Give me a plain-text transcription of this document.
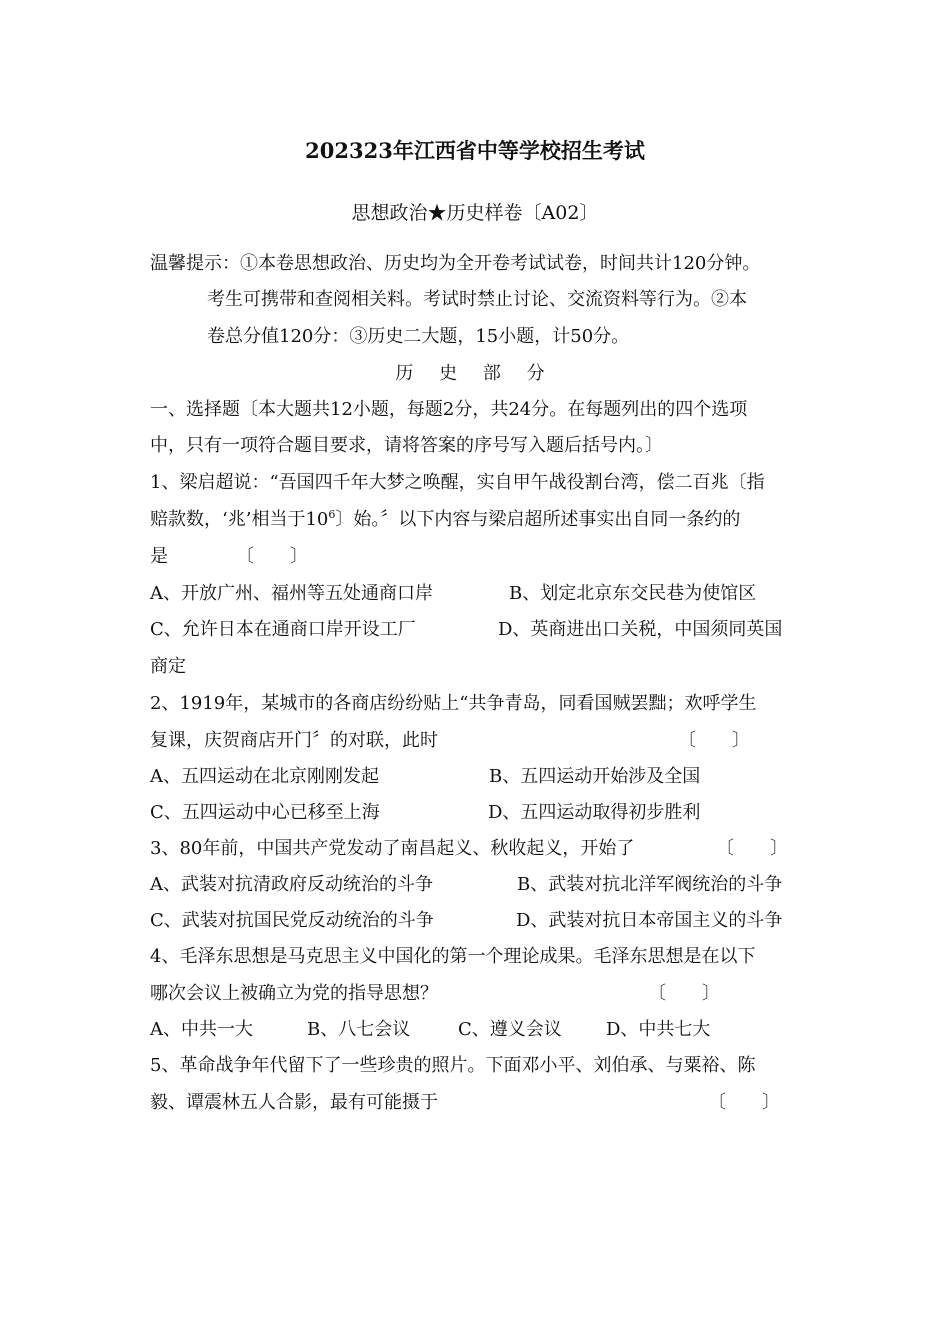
202323年江西省中等学校招生考试
思想政治★历史样卷〔A02〕
温馨提示：①本卷思想政治、历史均为全开卷考试试卷，时间共计120分钟。
考生可携带和查阅相关料。考试时禁止讨论、交流资料等行为。②本
卷总分值120分：③历史二大题，15小题，计50分。
历 史 部 分
一、选择题〔本大题共12小题，每题2分，共24分。在每题列出的四个选项
中，只有一项符合题目要求，请将答案的序号写入题后括号内。〕
1、梁启超说：“吾国四千年大梦之唤醒，实自甲午战役割台湾，偿二百兆〔指
赔款数，‘兆’相当于$10^6$〕始。〞以下内容与梁启超所述事实出自同一条约的
是	〔　　〕
A、开放广州、福州等五处通商口岸	B、划定北京东交民巷为使馆区
C、允许日本在通商口岸开设工厂	D、英商进出口关税，中国须同英国
商定
2、1919年，某城市的各商店纷纷贴上“共争青岛，同看国贼罢黜；欢呼学生
复课，庆贺商店开门〞的对联，此时	〔　　〕
A、五四运动在北京刚刚发起	B、五四运动开始涉及全国
C、五四运动中心已移至上海	D、五四运动取得初步胜利
3、80年前，中国共产党发动了南昌起义、秋收起义，开始了	〔　　〕
A、武装对抗清政府反动统治的斗争	B、武装对抗北洋军阀统治的斗争
C、武装对抗国民党反动统治的斗争	D、武装对抗日本帝国主义的斗争
4、毛泽东思想是马克思主义中国化的第一个理论成果。毛泽东思想是在以下
哪次会议上被确立为党的指导思想？	〔　　〕
A、中共一大	B、八七会议	C、遵义会议 D、中共七大
5、革命战争年代留下了一些珍贵的照片。下面邓小平、刘伯承、与粟裕、陈
毅、谭震林五人合影，最有可能摄于	〔　　〕
